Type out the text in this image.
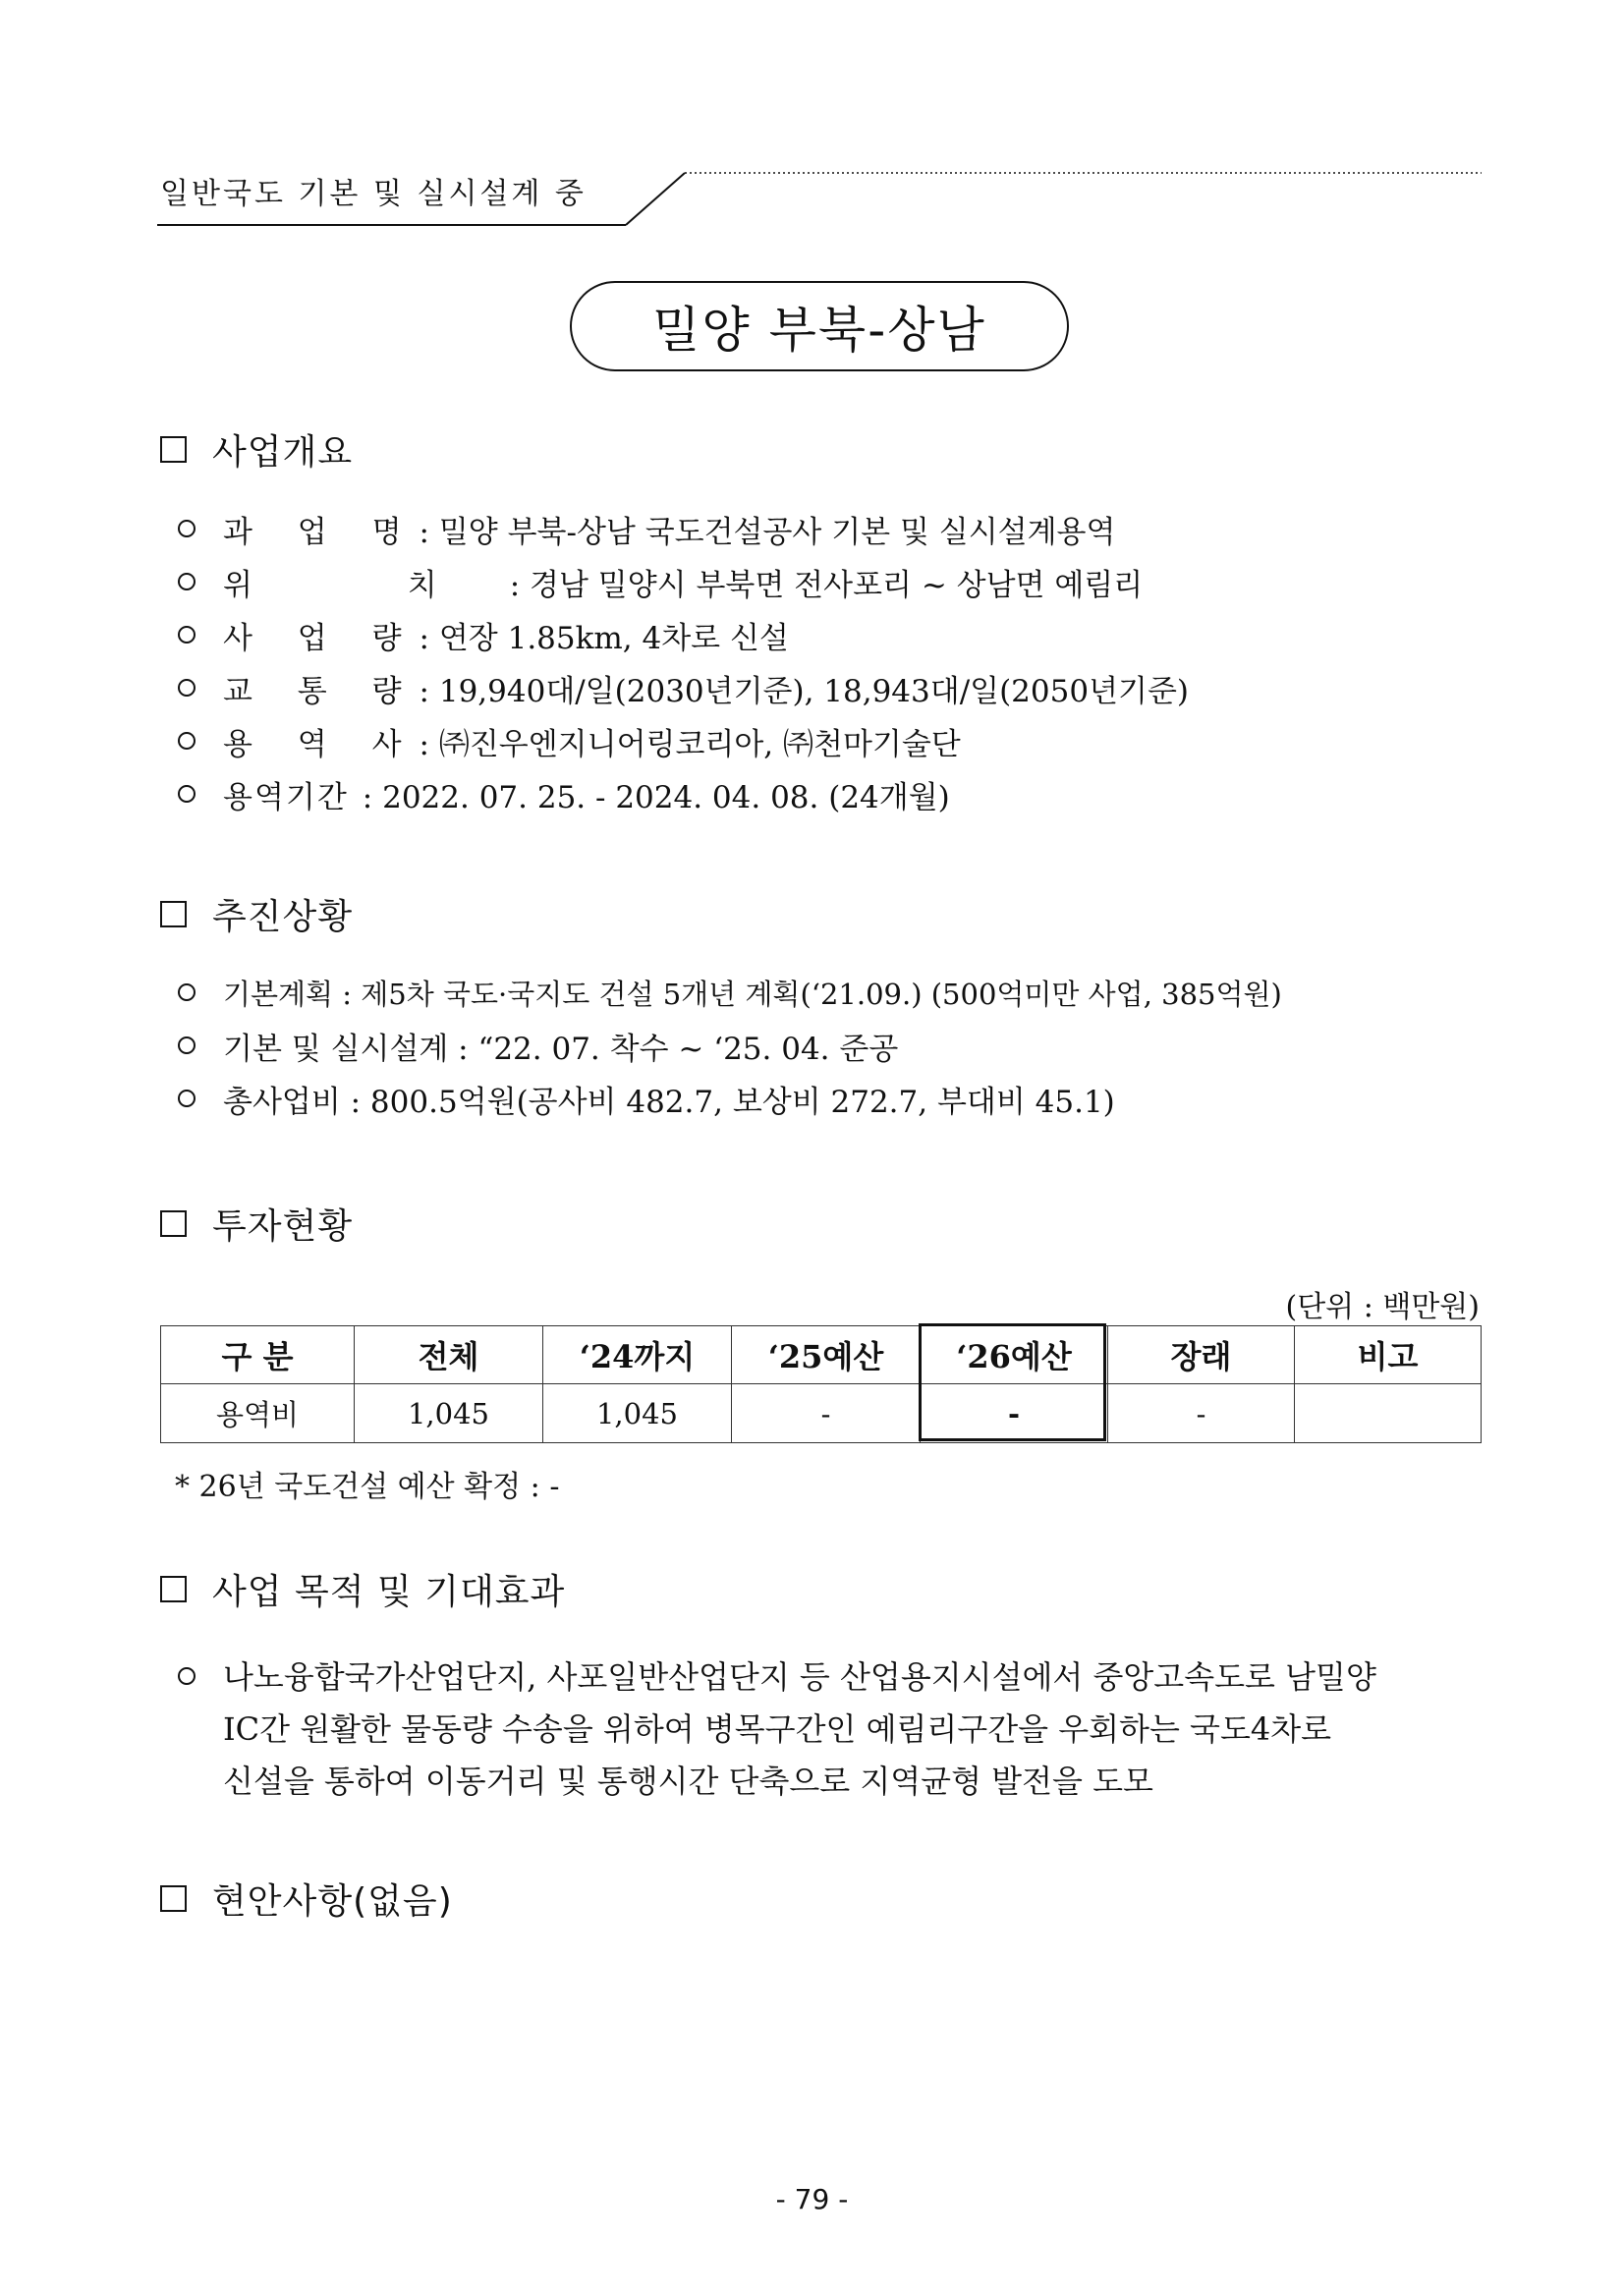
일반국도 기본 및 실시설계 중
밀양 부북-상남
사업개요
과 업 명: 밀양 부북-상남 국도건설공사 기본 및 실시설계용역
위 치: 경남 밀양시 부북면 전사포리 ~ 상남면 예림리
사 업 량: 연장 1.85km, 4차로 신설
교 통 량: 19,940대/일(2030년기준), 18,943대/일(2050년기준)
용 역 사: ㈜진우엔지니어링코리아, ㈜천마기술단
용역기간 : 2022. 07. 25. - 2024. 04. 08. (24개월)
추진상황
기본계획 : 제5차 국도·국지도 건설 5개년 계획(‘21.09.) (500억미만 사업, 385억원)
기본 및 실시설계 : “22. 07. 착수 ~ ‘25. 04. 준공
총사업비 : 800.5억원(공사비 482.7, 보상비 272.7, 부대비 45.1)
투자현황
(단위 : 백만원)
구 분	전체	‘24까지	‘25예산	‘26예산	장래	비고
용역비	1,045	1,045	-	-	-	
* 26년 국도건설 예산 확정 : -
사업 목적 및 기대효과
나노융합국가산업단지, 사포일반산업단지 등 산업용지시설에서 중앙고속도로 남밀양
IC간 원활한 물동량 수송을 위하여 병목구간인 예림리구간을 우회하는 국도4차로
신설을 통하여 이동거리 및 통행시간 단축으로 지역균형 발전을 도모
현안사항(없음)
- 79 -
